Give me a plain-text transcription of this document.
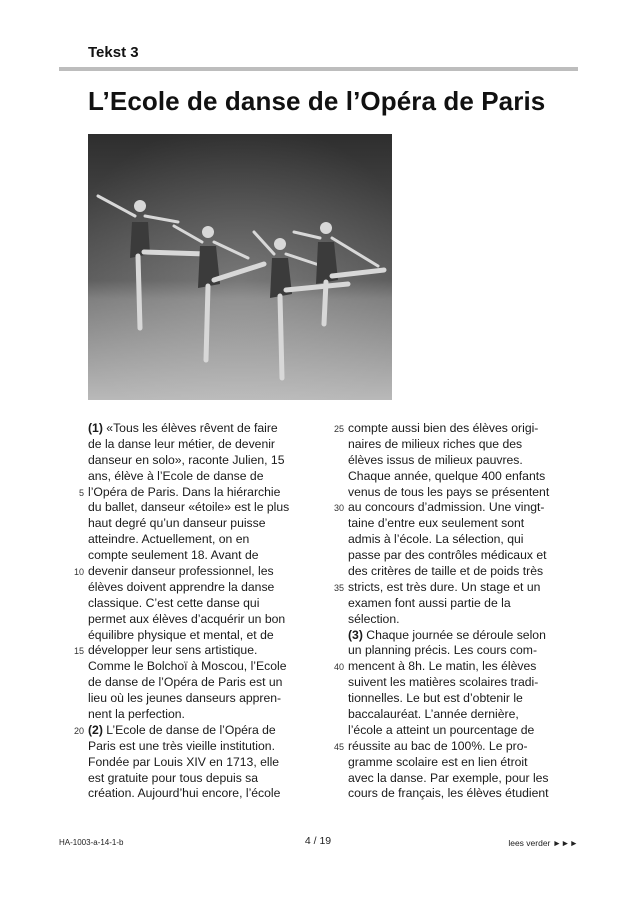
Tekst 3
L’Ecole de danse de l’Opéra de Paris
(1) «Tous les élèves rêvent de faire
de la danse leur métier, de devenir
danseur en solo», raconte Julien, 15
ans, élève à l’Ecole de danse de
5 l’Opéra de Paris. Dans la hiérarchie
du ballet, danseur «étoile» est le plus
haut degré qu’un danseur puisse
atteindre. Actuellement, on en
compte seulement 18. Avant de
10 devenir danseur professionnel, les
élèves doivent apprendre la danse
classique. C’est cette danse qui
permet aux élèves d’acquérir un bon
équilibre physique et mental, et de
15 développer leur sens artistique.
Comme le Bolchoï à Moscou, l’Ecole
de danse de l’Opéra de Paris est un
lieu où les jeunes danseurs appren-
nent la perfection.
20 (2) L’Ecole de danse de l’Opéra de
Paris est une très vieille institution.
Fondée par Louis XIV en 1713, elle
est gratuite pour tous depuis sa
création. Aujourd’hui encore, l’école
25 compte aussi bien des élèves origi-
naires de milieux riches que des
élèves issus de milieux pauvres.
Chaque année, quelque 400 enfants
venus de tous les pays se présentent
30 au concours d’admission. Une vingt-
taine d’entre eux seulement sont
admis à l’école. La sélection, qui
passe par des contrôles médicaux et
des critères de taille et de poids très
35 stricts, est très dure. Un stage et un
examen font aussi partie de la
sélection.
(3) Chaque journée se déroule selon
un planning précis. Les cours com-
40 mencent à 8h. Le matin, les élèves
suivent les matières scolaires tradi-
tionnelles. Le but est d’obtenir le
baccalauréat. L’année dernière,
l’école a atteint un pourcentage de
45 réussite au bac de 100%. Le pro-
gramme scolaire est en lien étroit
avec la danse. Par exemple, pour les
cours de français, les élèves étudient
HA-1003-a-14-1-b	4 / 19	lees verder ►►►
